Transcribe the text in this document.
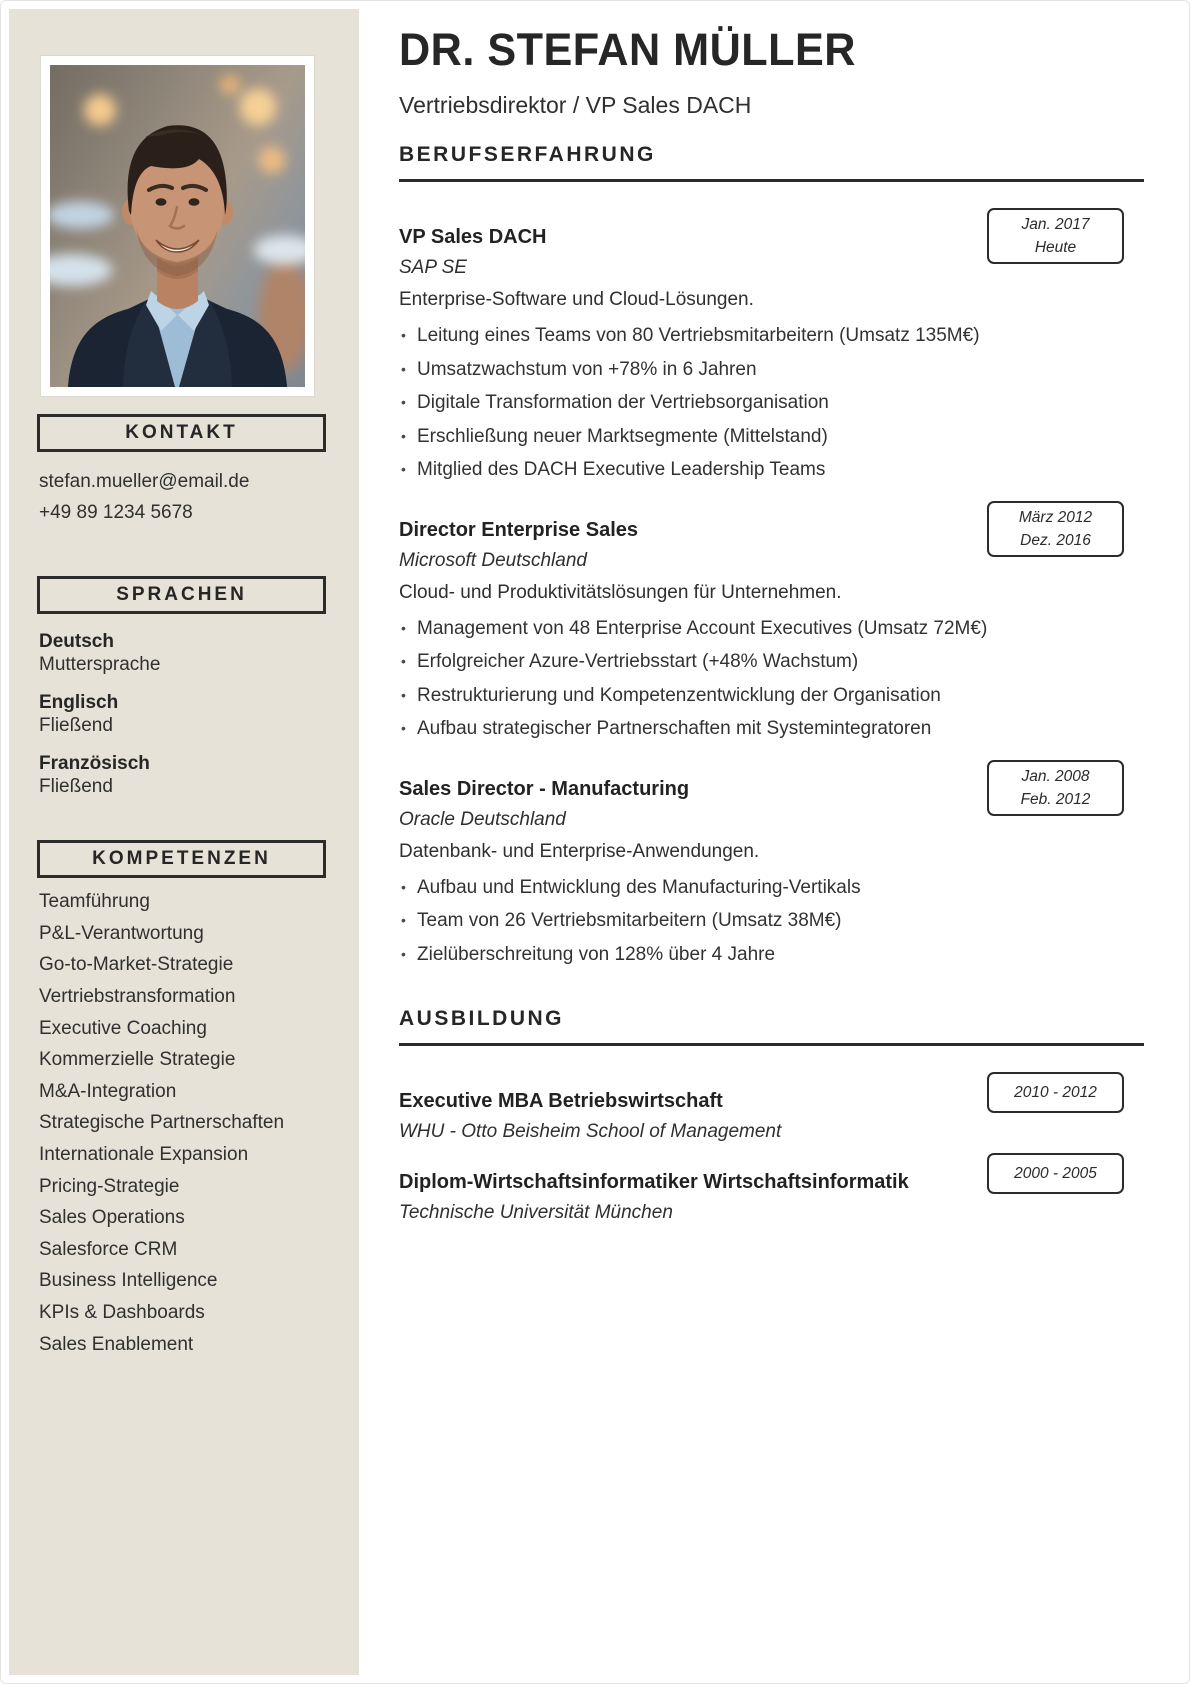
KONTAKT
stefan.mueller@email.de
+49 89 1234 5678
SPRACHEN
Deutsch
Muttersprache
Englisch
Fließend
Französisch
Fließend
KOMPETENZEN
Teamführung
P&L-Verantwortung
Go-to-Market-Strategie
Vertriebstransformation
Executive Coaching
Kommerzielle Strategie
M&A-Integration
Strategische Partnerschaften
Internationale Expansion
Pricing-Strategie
Sales Operations
Salesforce CRM
Business Intelligence
KPIs & Dashboards
Sales Enablement
DR. STEFAN MÜLLER

Vertriebsdirektor / VP Sales DACH

BERUFSERFAHRUNG
Jan. 2017
Heute
VP Sales DACH

SAP SE

Enterprise-Software und Cloud-Lösungen.

• Leitung eines Teams von 80 Vertriebsmitarbeitern (Umsatz 135M€)
• Umsatzwachstum von +78% in 6 Jahren
• Digitale Transformation der Vertriebsorganisation
• Erschließung neuer Marktsegmente (Mittelstand)
• Mitglied des DACH Executive Leadership Teams
März 2012
Dez. 2016
Director Enterprise Sales

Microsoft Deutschland

Cloud- und Produktivitätslösungen für Unternehmen.

• Management von 48 Enterprise Account Executives (Umsatz 72M€)
• Erfolgreicher Azure-Vertriebsstart (+48% Wachstum)
• Restrukturierung und Kompetenzentwicklung der Organisation
• Aufbau strategischer Partnerschaften mit Systemintegratoren
Jan. 2008
Feb. 2012
Sales Director - Manufacturing

Oracle Deutschland

Datenbank- und Enterprise-Anwendungen.

• Aufbau und Entwicklung des Manufacturing-Vertikals
• Team von 26 Vertriebsmitarbeitern (Umsatz 38M€)
• Zielüberschreitung von 128% über 4 Jahre
AUSBILDUNG
2010 - 2012
Executive MBA Betriebswirtschaft

WHU - Otto Beisheim School of Management

2000 - 2005
Diplom-Wirtschaftsinformatiker Wirtschaftsinformatik

Technische Universität München
